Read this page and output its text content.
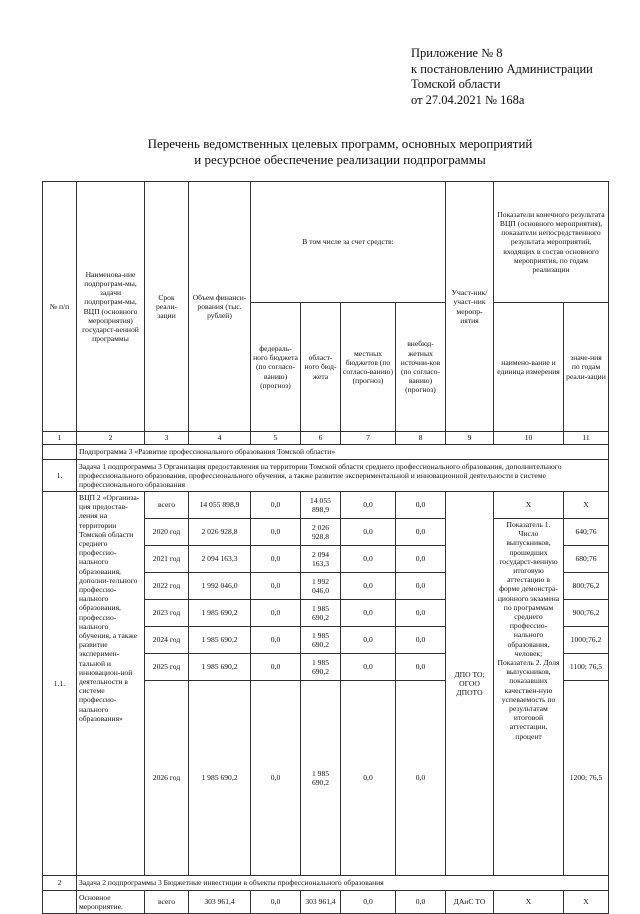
Приложение № 8
к постановлению Администрации
Томской области
от 27.04.2021 № 168а
Перечень ведомственных целевых программ, основных мероприятий
и ресурсное обеспечение реализации подпрограммы
№ п/п	Наименова-ние подпрограм-мы, задачи подпрограм-мы, ВЦП (основного мероприятия) государст-венной программы	Срок реали-зации	Объем финанси-рования (тыс. рублей)	В том числе за счет средств:				Участ-ник/ участ-ник меропр-иятия	Показатели конечного результата ВЦП (основного мероприятия), показатели непосредственного результата мероприятий, входящих в состав основного мероприятия, по годам реализации	
				федераль-ного бюджета (по согласо-ванию) (прогноз)	област-ного бюд-жета	местных бюджетов (по согласо-ванию) (прогноз)	внебюд-жетных источни-ков (по согласо-ванию) (прогноз)		наимено-вание и единица измерения	значе-ния по годам реали-зации
1	2	3	4	5	6	7	8	9	10	11
	Подпрограмма 3 «Развитие профессионального образования Томской области»									
1.	Задача 1 подпрограммы 3 Организация предоставления на территории Томской области среднего профессионального образования, дополнительного профессионального образования, профессионального обучения, а также развитие экспериментальной и инновационной деятельности в системе профессионального образования									
1.1.	ВЦП 2 «Организа-ция предостав-ления на территории Томской области среднего профессио-нального образования, дополни-тельного профессио-нального образования, профессио-нального обучения, а также развитие эксперимен-тальной и инновацион-ной деятельности в системе профессио-нального образования»	всего	14 055 898,9	0,0	14 055 898,9	0,0	0,0	ДПО ТО; ОГОО ДПОТО	X	X
		2020 год	2 026 928,8	0,0	2 026 928,8	0,0	0,0		Показатель 1. Число выпускников, прошедших государст-венную итоговую аттестацию в форме демонстра-ционного экзамена по программам среднего профессио-нального образования, человек; Показатель 2. Доля выпускников, показавших качествен-ную успеваемость по результатам итоговой аттестации, процент	640;76
		2021 год	2 094 163,3	0,0	2 094 163,3	0,0	0,0			680;76
		2022 год	1 992 046,0	0,0	1 992 046,0	0,0	0,0			800;76,2
		2023 год	1 985 690,2	0,0	1 985 690,2	0,0	0,0			900;76,2
		2024 год	1 985 690,2	0,0	1 985 690,2	0,0	0,0			1000;76,2
		2025 год	1 985 690,2	0,0	1 985 690,2	0,0	0,0			1100; 76,5
		2026 год	1 985 690,2	0,0	1 985 690,2	0,0	0,0			1200; 76,5
2	Задача 2 подпрограммы 3 Бюджетные инвестиции в объекты профессионального образования									
	Основное мероприятие.	всего	303 961,4	0,0	303 961,4	0,0	0,0	ДАиС ТО	X	X
